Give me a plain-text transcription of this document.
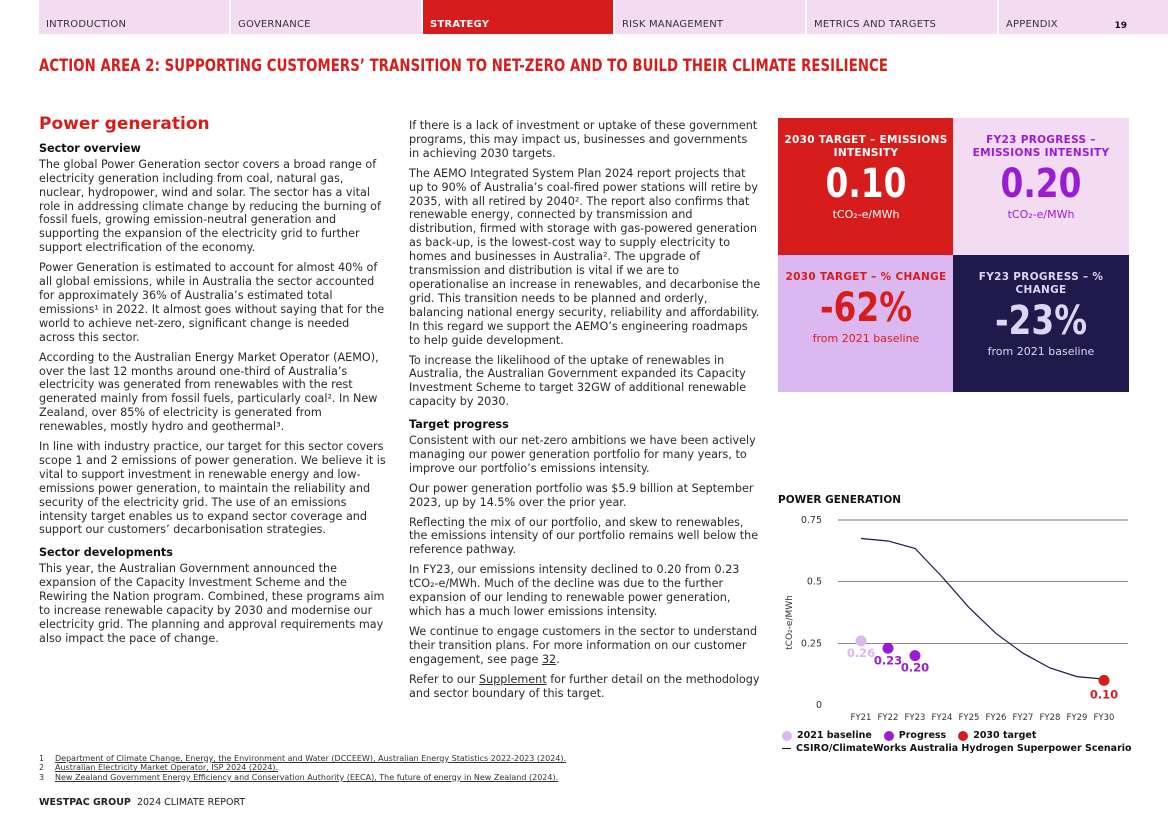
INTRODUCTION	GOVERNANCE	STRATEGY	RISK MANAGEMENT	METRICS AND TARGETS	APPENDIX	19
ACTION AREA 2: SUPPORTING CUSTOMERS’ TRANSITION TO NET-ZERO AND TO BUILD THEIR CLIMATE RESILIENCE
Power generation
Sector overview

The global Power Generation sector covers a broad range of electricity generation including from coal, natural gas, nuclear, hydropower, wind and solar. The sector has a vital role in addressing climate change by reducing the burning of fossil fuels, growing emission-neutral generation and supporting the expansion of the electricity grid to further support electrification of the economy.

Power Generation is estimated to account for almost 40% of all global emissions, while in Australia the sector accounted for approximately 36% of Australia’s estimated total emissions¹ in 2022. It almost goes without saying that for the world to achieve net-zero, significant change is needed across this sector.

According to the Australian Energy Market Operator (AEMO), over the last 12 months around one-third of Australia’s electricity was generated from renewables with the rest generated mainly from fossil fuels, particularly coal². In New Zealand, over 85% of electricity is generated from renewables, mostly hydro and geothermal³.

In line with industry practice, our target for this sector covers scope 1 and 2 emissions of power generation. We believe it is vital to support investment in renewable energy and low-emissions power generation, to maintain the reliability and security of the electricity grid. The use of an emissions intensity target enables us to expand sector coverage and support our customers’ decarbonisation strategies.

Sector developments

This year, the Australian Government announced the expansion of the Capacity Investment Scheme and the Rewiring the Nation program. Combined, these programs aim to increase renewable capacity by 2030 and modernise our electricity grid. The planning and approval requirements may also impact the pace of change.

If there is a lack of investment or uptake of these government programs, this may impact us, businesses and governments in achieving 2030 targets.

The AEMO Integrated System Plan 2024 report projects that up to 90% of Australia’s coal-fired power stations will retire by 2035, with all retired by 2040². The report also confirms that renewable energy, connected by transmission and distribution, firmed with storage with gas-powered generation as back-up, is the lowest-cost way to supply electricity to homes and businesses in Australia². The upgrade of transmission and distribution is vital if we are to operationalise an increase in renewables, and decarbonise the grid. This transition needs to be planned and orderly, balancing national energy security, reliability and affordability. In this regard we support the AEMO’s engineering roadmaps to help guide development.

To increase the likelihood of the uptake of renewables in Australia, the Australian Government expanded its Capacity Investment Scheme to target 32GW of additional renewable capacity by 2030.

Target progress

Consistent with our net-zero ambitions we have been actively managing our power generation portfolio for many years, to improve our portfolio’s emissions intensity.

Our power generation portfolio was $5.9 billion at September 2023, up by 14.5% over the prior year.

Reflecting the mix of our portfolio, and skew to renewables, the emissions intensity of our portfolio remains well below the reference pathway.

In FY23, our emissions intensity declined to 0.20 from 0.23 tCO₂-e/MWh. Much of the decline was due to the further expansion of our lending to renewable power generation, which has a much lower emissions intensity.

We continue to engage customers in the sector to understand their transition plans. For more information on our customer engagement, see page 32.

Refer to our Supplement for further detail on the methodology and sector boundary of this target.

2030 TARGET – EMISSIONS INTENSITY
0.10
tCO₂-e/MWh
FY23 PROGRESS – EMISSIONS INTENSITY
0.20
tCO₂-e/MWh
2030 TARGET – % CHANGE
-62%
from 2021 baseline
FY23 PROGRESS – % CHANGE
-23%
from 2021 baseline
POWER GENERATION
0
0.25
0.5
0.75
tCO₂-e/MWh
FY21 FY22 FY23 FY24 FY25 FY26 FY27 FY28 FY29 FY30
0.26
0.23
0.20
0.10
2021 baseline	Progress	2030 target
CSIRO/ClimateWorks Australia Hydrogen Superpower Scenario
1 Department of Climate Change, Energy, the Environment and Water (DCCEEW), Australian Energy Statistics 2022-2023 (2024).
2 Australian Electricity Market Operator, ISP 2024 (2024).
3 New Zealand Government Energy Efficiency and Conservation Authority (EECA), The future of energy in New Zealand (2024).
WESTPAC GROUP 2024 CLIMATE REPORT
